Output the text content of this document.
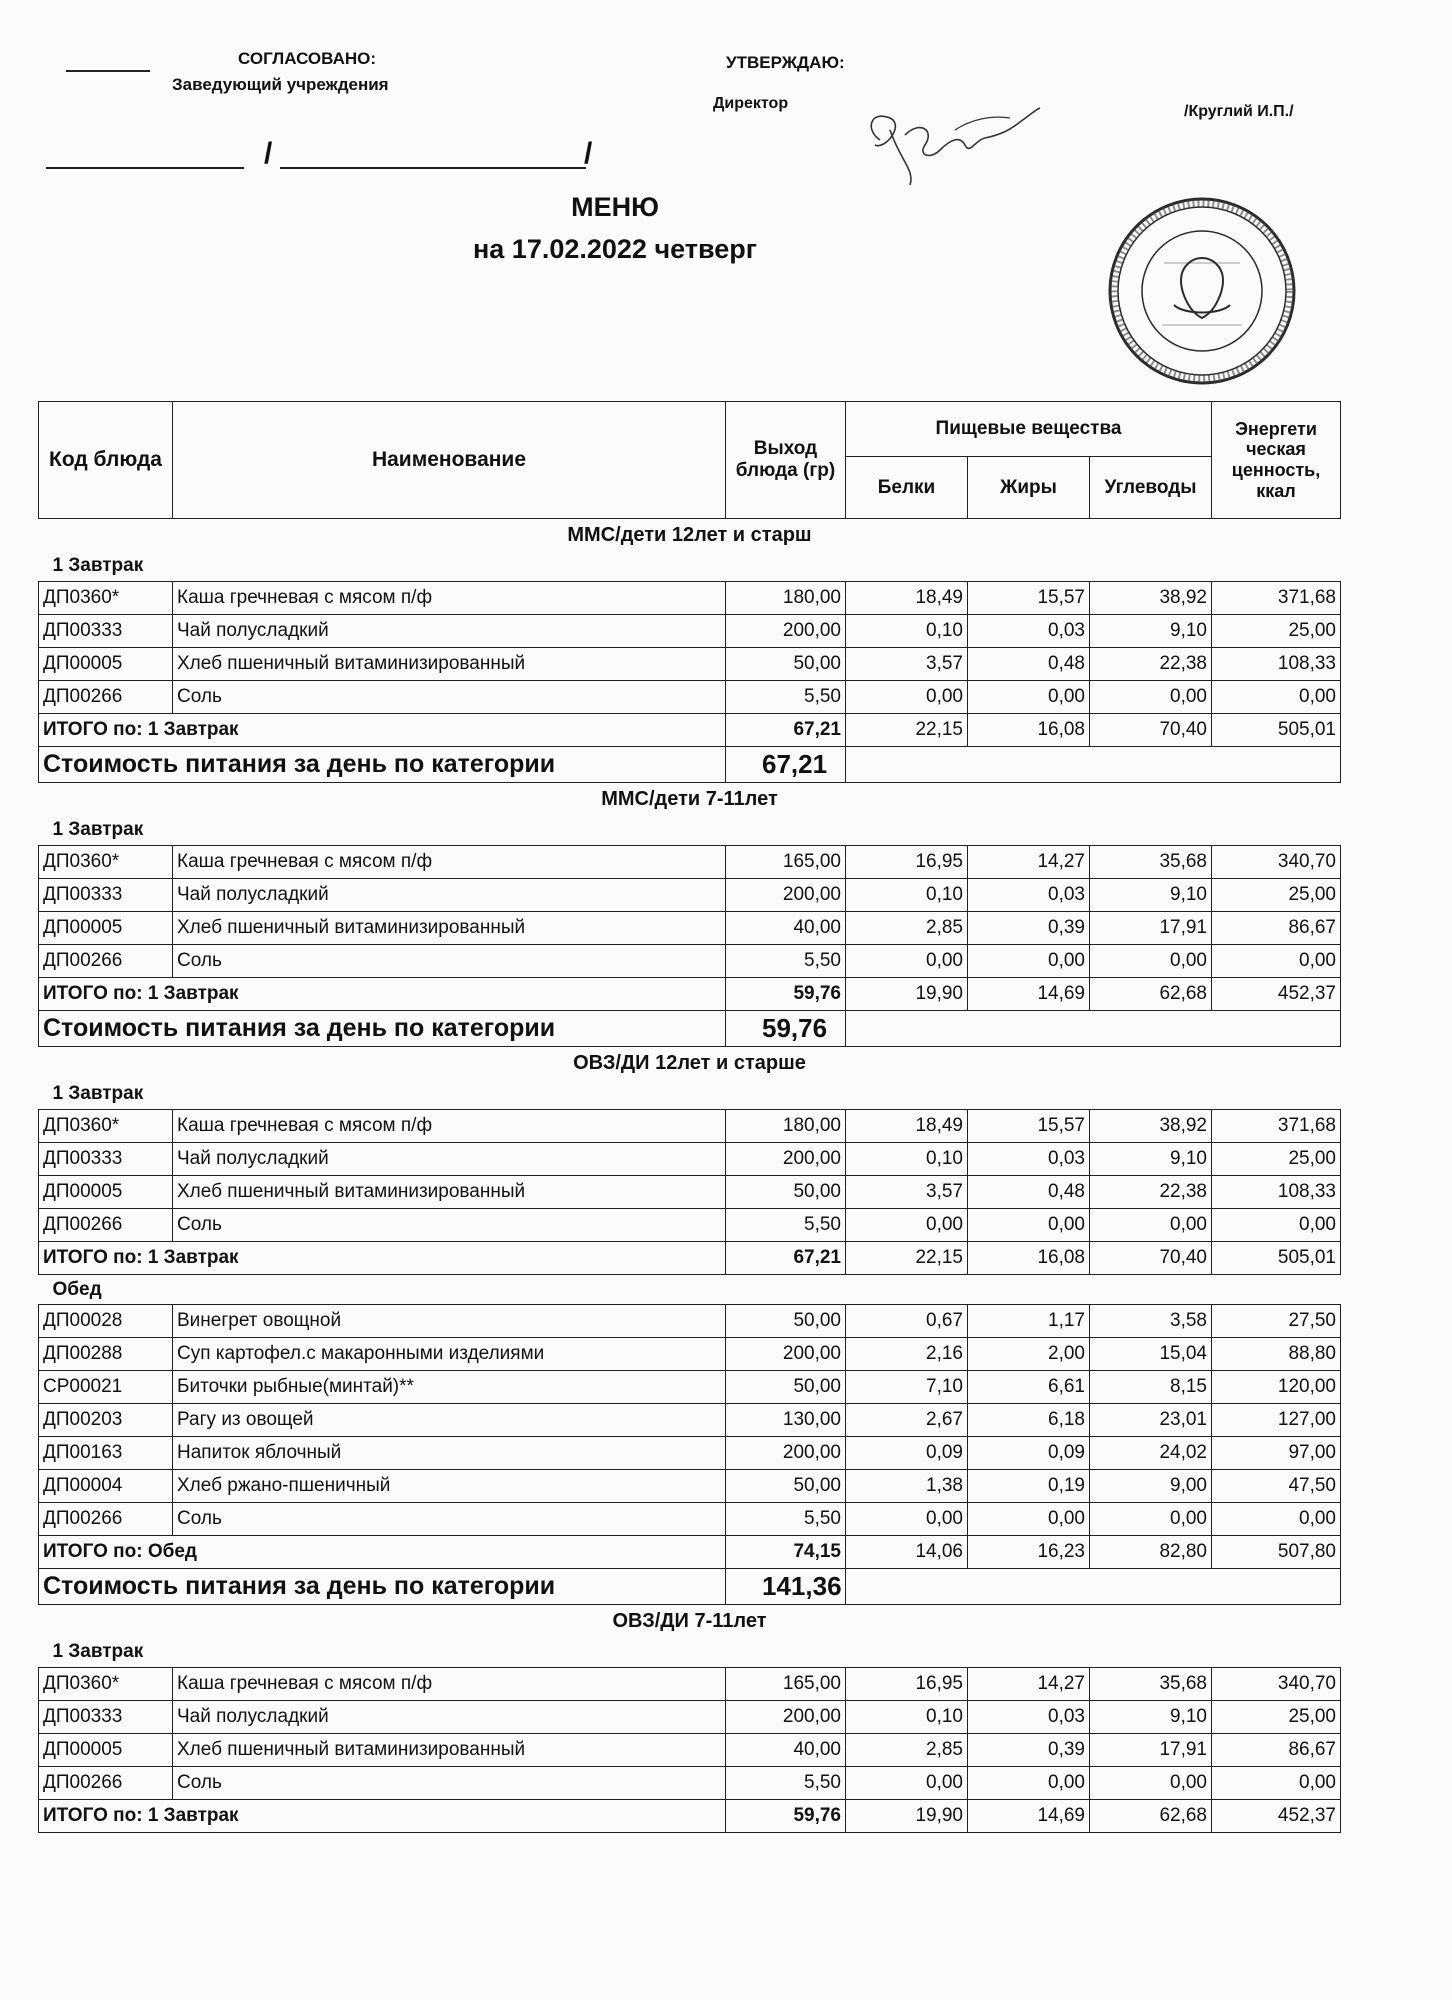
СОГЛАСОВАНО:
Заведующий учреждения
УТВЕРЖДАЮ:
Директор	/Круглий И.П./
/	/
МЕНЮ
на 17.02.2022 четверг
Код блюда	Наименование	Выход блюда (гр)	Пищевые вещества			Энергети ческая ценность, ккал
			Белки	Жиры	Углеводы	
ММС/дети 12лет и старш						
1 Завтрак						
ДП0360*	Каша гречневая с мясом п/ф	180,00	18,49	15,57	38,92	371,68
ДП00333	Чай полусладкий	200,00	0,10	0,03	9,10	25,00
ДП00005	Хлеб пшеничный витаминизированный	50,00	3,57	0,48	22,38	108,33
ДП00266	Соль	5,50	0,00	0,00	0,00	0,00
ИТОГО по: 1 Завтрак		67,21	22,15	16,08	70,40	505,01
Стоимость питания за день по категории		67,21				
ММС/дети 7-11лет						
1 Завтрак						
ДП0360*	Каша гречневая с мясом п/ф	165,00	16,95	14,27	35,68	340,70
ДП00333	Чай полусладкий	200,00	0,10	0,03	9,10	25,00
ДП00005	Хлеб пшеничный витаминизированный	40,00	2,85	0,39	17,91	86,67
ДП00266	Соль	5,50	0,00	0,00	0,00	0,00
ИТОГО по: 1 Завтрак		59,76	19,90	14,69	62,68	452,37
Стоимость питания за день по категории		59,76				
ОВЗ/ДИ 12лет и старше						
1 Завтрак						
ДП0360*	Каша гречневая с мясом п/ф	180,00	18,49	15,57	38,92	371,68
ДП00333	Чай полусладкий	200,00	0,10	0,03	9,10	25,00
ДП00005	Хлеб пшеничный витаминизированный	50,00	3,57	0,48	22,38	108,33
ДП00266	Соль	5,50	0,00	0,00	0,00	0,00
ИТОГО по: 1 Завтрак		67,21	22,15	16,08	70,40	505,01
Обед						
ДП00028	Винегрет овощной	50,00	0,67	1,17	3,58	27,50
ДП00288	Суп картофел.с макаронными изделиями	200,00	2,16	2,00	15,04	88,80
СР00021	Биточки рыбные(минтай)**	50,00	7,10	6,61	8,15	120,00
ДП00203	Рагу из овощей	130,00	2,67	6,18	23,01	127,00
ДП00163	Напиток яблочный	200,00	0,09	0,09	24,02	97,00
ДП00004	Хлеб ржано-пшеничный	50,00	1,38	0,19	9,00	47,50
ДП00266	Соль	5,50	0,00	0,00	0,00	0,00
ИТОГО по: Обед		74,15	14,06	16,23	82,80	507,80
Стоимость питания за день по категории		141,36				
ОВЗ/ДИ 7-11лет						
1 Завтрак						
ДП0360*	Каша гречневая с мясом п/ф	165,00	16,95	14,27	35,68	340,70
ДП00333	Чай полусладкий	200,00	0,10	0,03	9,10	25,00
ДП00005	Хлеб пшеничный витаминизированный	40,00	2,85	0,39	17,91	86,67
ДП00266	Соль	5,50	0,00	0,00	0,00	0,00
ИТОГО по: 1 Завтрак		59,76	19,90	14,69	62,68	452,37
